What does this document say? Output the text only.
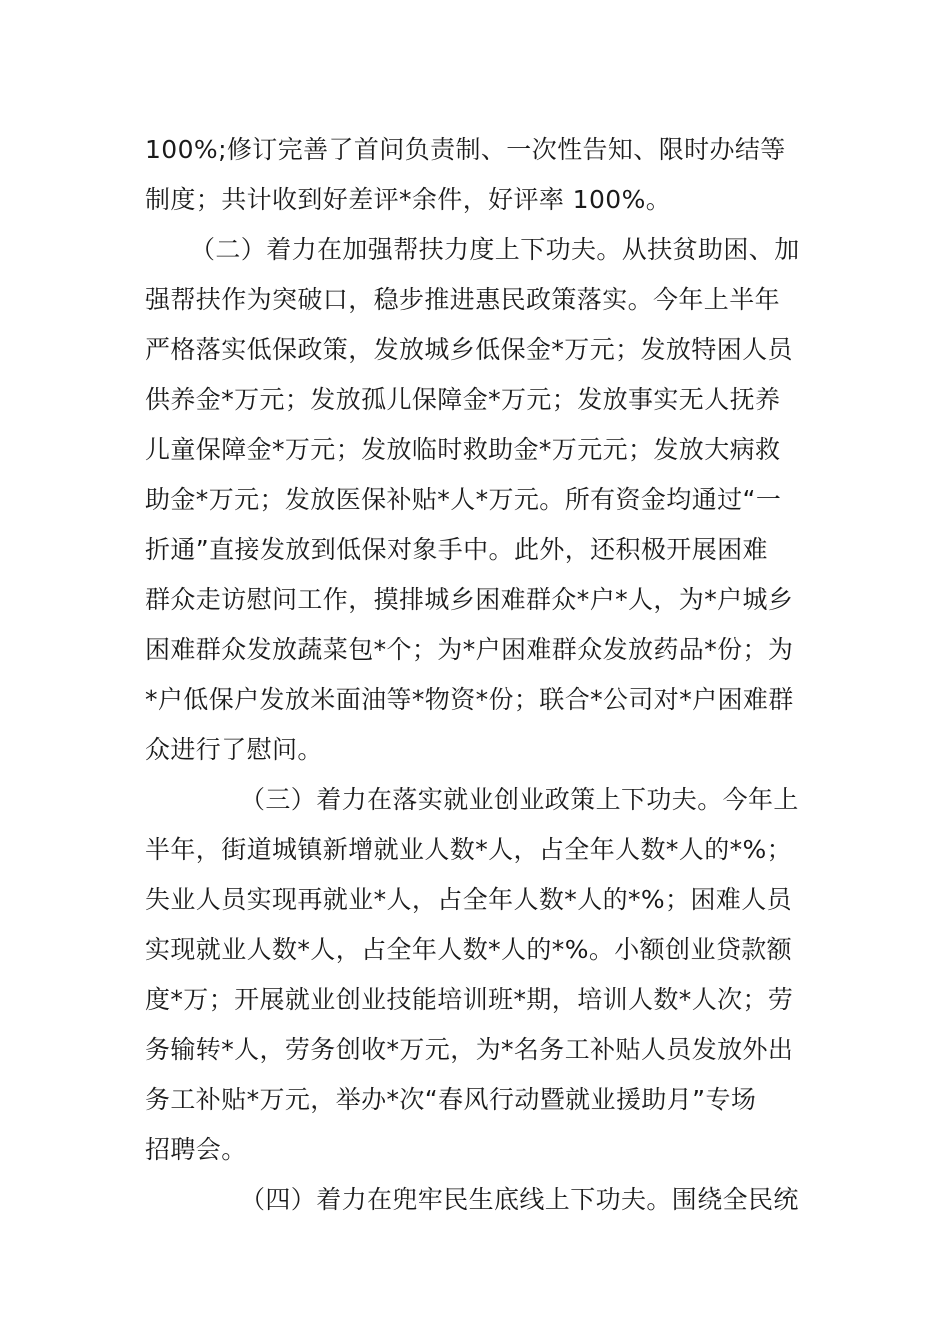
100%;修订完善了首问负责制、一次性告知、限时办结等
制度；共计收到好差评*余件，好评率 100%。
（二）着力在加强帮扶力度上下功夫。从扶贫助困、加
强帮扶作为突破口，稳步推进惠民政策落实。今年上半年
严格落实低保政策，发放城乡低保金*万元；发放特困人员
供养金*万元；发放孤儿保障金*万元；发放事实无人抚养
儿童保障金*万元；发放临时救助金*万元元；发放大病救
助金*万元；发放医保补贴*人*万元。所有资金均通过“一
折通”直接发放到低保对象手中。此外，还积极开展困难
群众走访慰问工作，摸排城乡困难群众*户*人，为*户城乡
困难群众发放蔬菜包*个；为*户困难群众发放药品*份；为
*户低保户发放米面油等*物资*份；联合*公司对*户困难群
众进行了慰问。
（三）着力在落实就业创业政策上下功夫。今年上
半年，街道城镇新增就业人数*人，占全年人数*人的*%；
失业人员实现再就业*人，占全年人数*人的*%；困难人员
实现就业人数*人，占全年人数*人的*%。小额创业贷款额
度*万；开展就业创业技能培训班*期，培训人数*人次；劳
务输转*人，劳务创收*万元，为*名务工补贴人员发放外出
务工补贴*万元，举办*次“春风行动暨就业援助月”专场
招聘会。
（四）着力在兜牢民生底线上下功夫。围绕全民统
